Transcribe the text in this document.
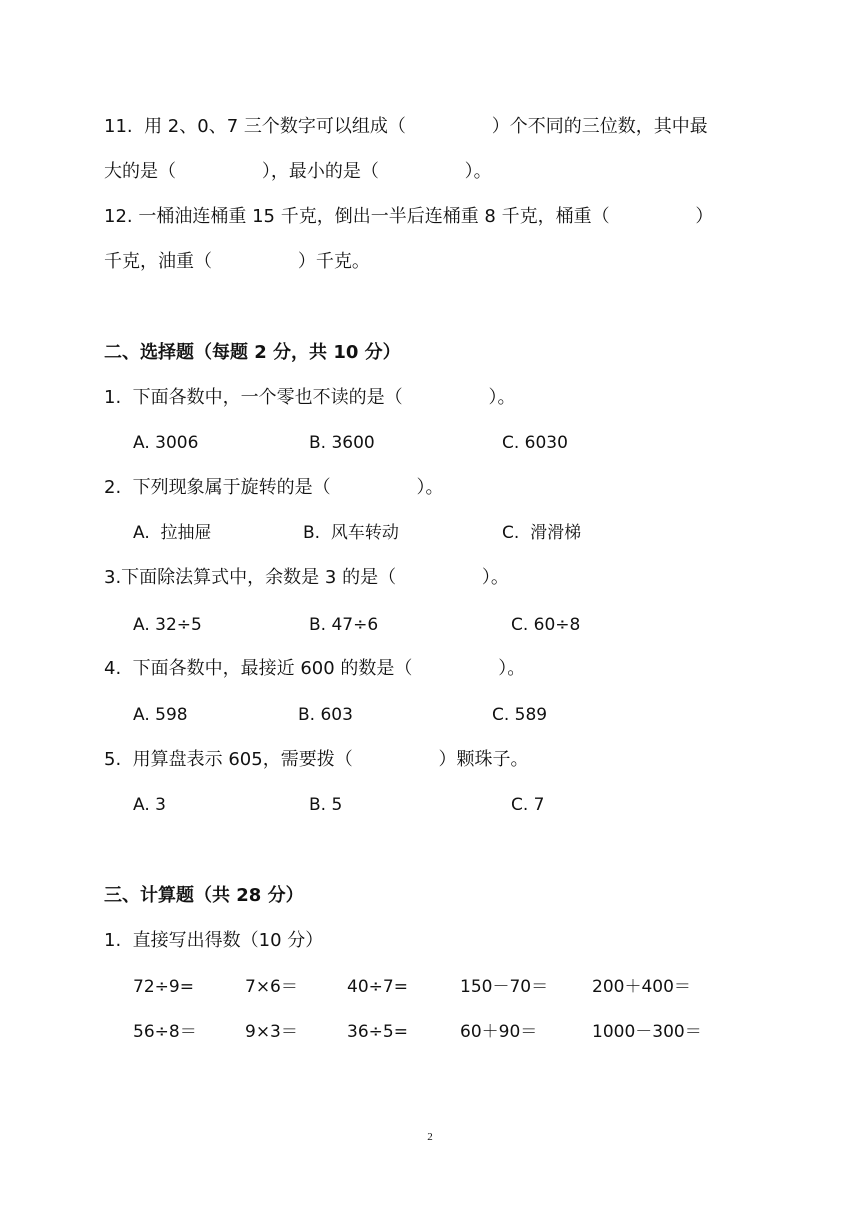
11.  用 2、0、7 三个数字可以组成（               ）个不同的三位数，其中最
大的是（               ），最小的是（               ）。
12. 一桶油连桶重 15 千克，倒出一半后连桶重 8 千克，桶重（               ）
千克，油重（               ）千克。
二、选择题（每题 2 分，共 10 分）
1.  下面各数中，一个零也不读的是（               ）。
A. 3006	B. 3600	C. 6030
2.  下列现象属于旋转的是（               ）。
A.  拉抽屉	B.  风车转动	C.  滑滑梯
3.下面除法算式中，余数是 3 的是（               ）。
A. 32÷5	B. 47÷6	C. 60÷8
4.  下面各数中，最接近 600 的数是（               ）。
A. 598	B. 603	C. 589
5.  用算盘表示 605，需要拨（               ）颗珠子。
A. 3	B. 5	C. 7
三、计算题（共 28 分）
1.  直接写出得数（10 分）
72÷9=	7×6＝	40÷7=	150－70＝	200＋400＝
56÷8＝	9×3＝	36÷5=	60＋90＝	1000－300＝
2
